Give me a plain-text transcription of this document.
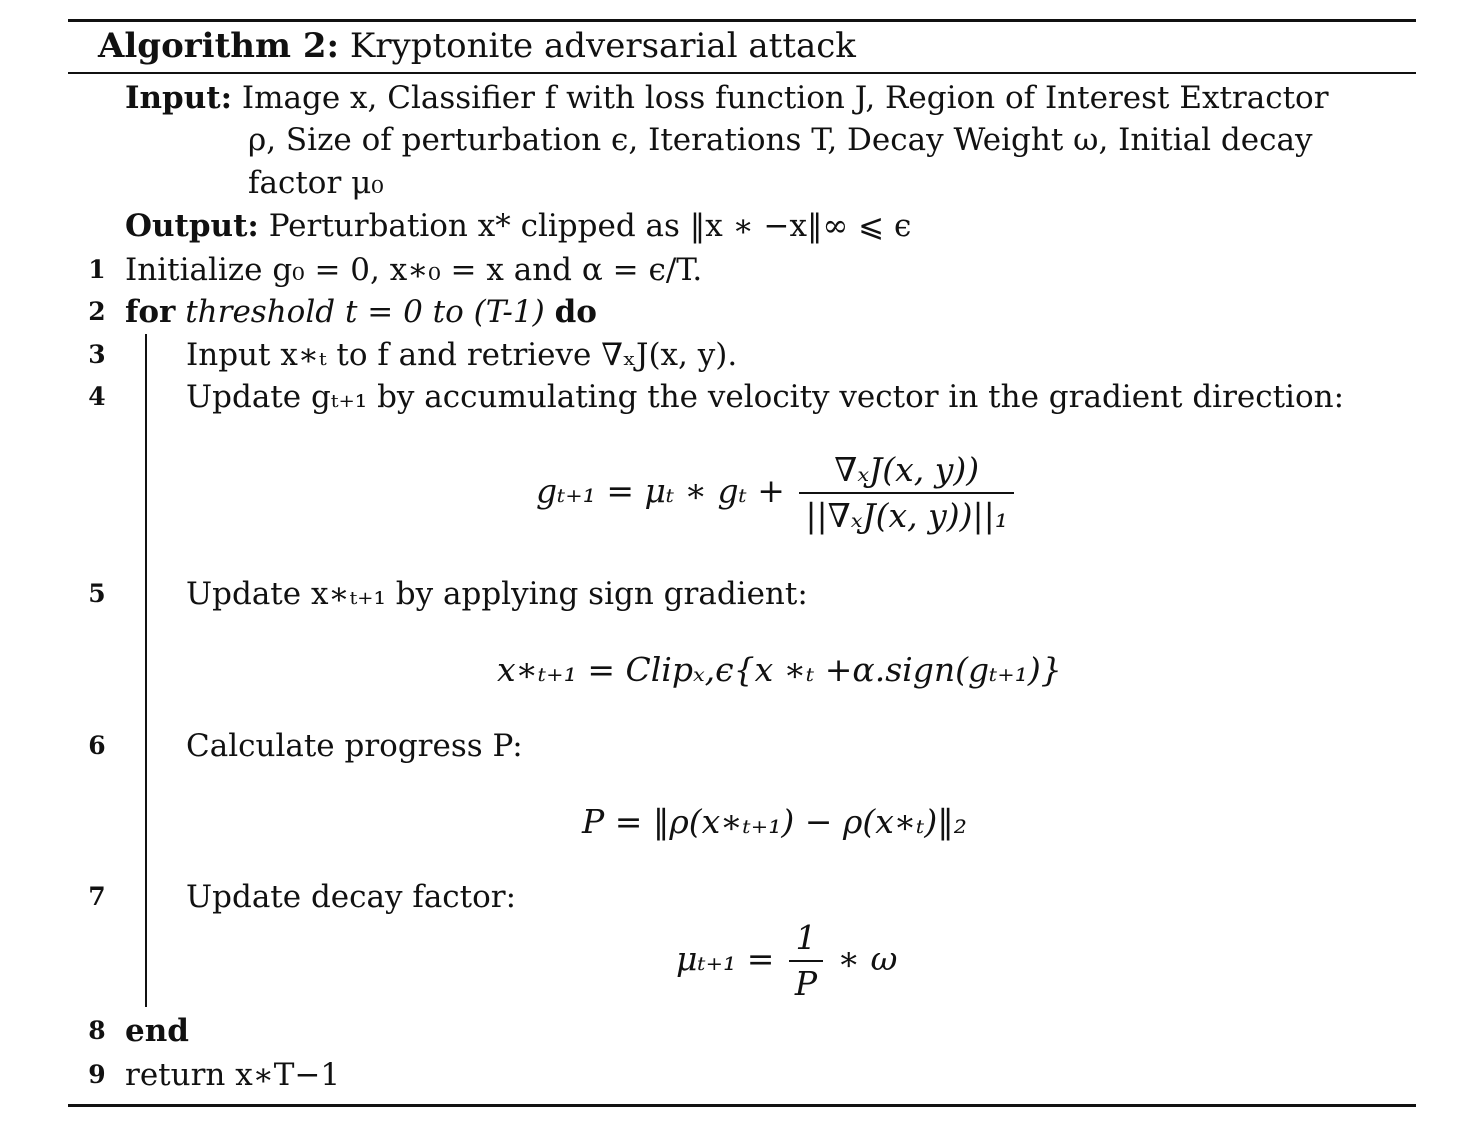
Algorithm 2: Kryptonite adversarial attack
Input: Image x, Classifier f with loss function J, Region of Interest Extractor
ρ, Size of perturbation ϵ, Iterations T, Decay Weight ω, Initial decay
factor μ₀
Output: Perturbation x* clipped as ‖x ∗ −x‖∞ ⩽ ϵ
1 Initialize g₀ = 0, x∗₀ = x and α = ϵ/T.
2 for threshold t = 0 to (T-1) do
3	Input x∗ₜ to f and retrieve ∇ₓJ(x, y).
4	Update gₜ₊₁ by accumulating the velocity vector in the gradient direction:
gₜ₊₁ = μₜ ∗ $g_t + \frac{\text{∇ₓJ(x, y))}}{\text{||∇ₓJ(x, y))||₁}}$
5	Update x∗ₜ₊₁ by applying sign gradient:
x∗ₜ₊₁ = Clipₓ,ϵ{x ∗ₜ +α.sign(gₜ₊₁)}
6	Calculate progress P:
P = ‖ρ(x∗ₜ₊₁) − ρ(x∗ₜ)‖₂
7	Update decay factor:
$\mu_{t+1} = \frac{1}{P}$ ∗ ω
8 end
9 return x∗T−1
